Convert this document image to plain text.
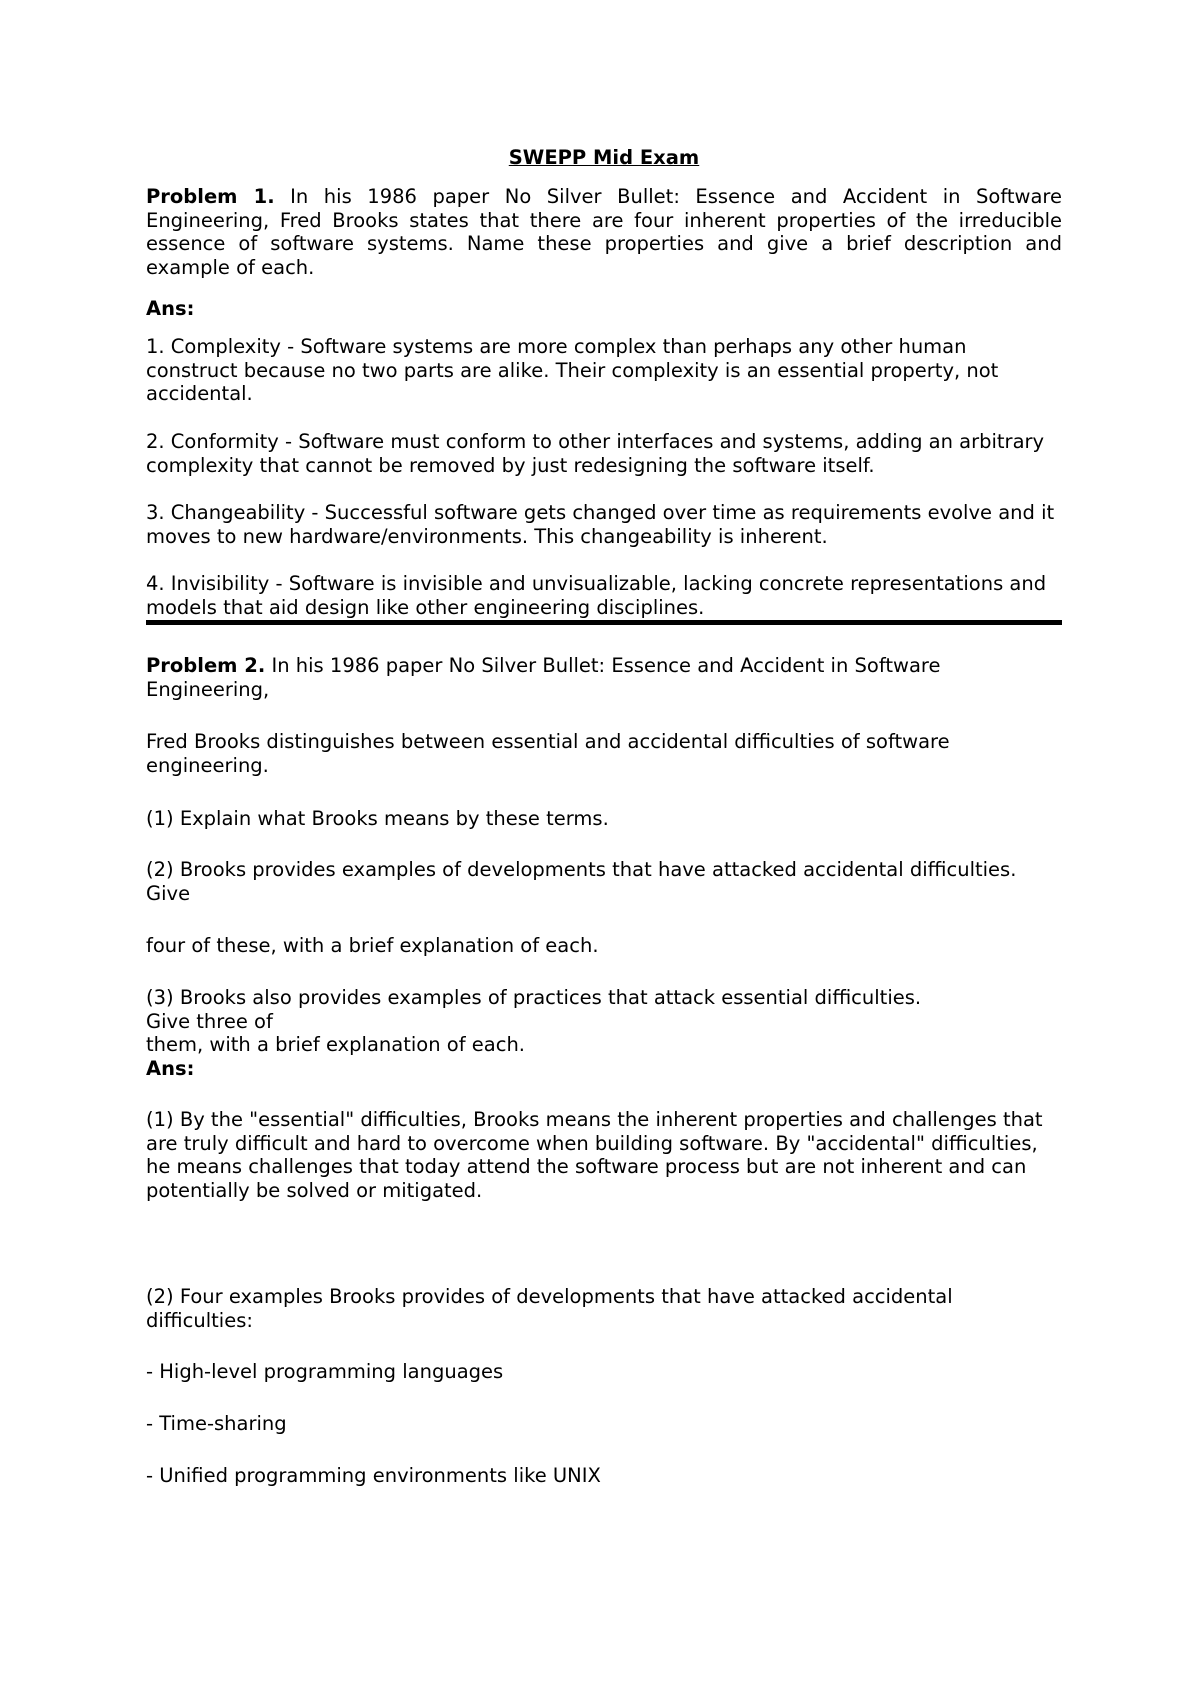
SWEPP Mid Exam

Problem 1. In his 1986 paper No Silver Bullet: Essence and Accident in Software Engineering, Fred Brooks states that there are four inherent properties of the irreducible essence of software systems. Name these properties and give a brief description and example of each.

Ans:

1. Complexity - Software systems are more complex than perhaps any other human construct because no two parts are alike. Their complexity is an essential property, not accidental.

2. Conformity - Software must conform to other interfaces and systems, adding an arbitrary complexity that cannot be removed by just redesigning the software itself.

3. Changeability - Successful software gets changed over time as requirements evolve and it moves to new hardware/environments. This changeability is inherent.

4. Invisibility - Software is invisible and unvisualizable, lacking concrete representations and models that aid design like other engineering disciplines.

Problem 2. In his 1986 paper No Silver Bullet: Essence and Accident in Software Engineering,

Fred Brooks distinguishes between essential and accidental difficulties of software engineering.

(1) Explain what Brooks means by these terms.

(2) Brooks provides examples of developments that have attacked accidental difficulties. Give

four of these, with a brief explanation of each.

(3) Brooks also provides examples of practices that attack essential difficulties. Give three of

them, with a brief explanation of each.

Ans:

(1) By the "essential" difficulties, Brooks means the inherent properties and challenges that are truly difficult and hard to overcome when building software. By "accidental" difficulties, he means challenges that today attend the software process but are not inherent and can potentially be solved or mitigated.

(2) Four examples Brooks provides of developments that have attacked accidental difficulties:

- High-level programming languages

- Time-sharing

- Unified programming environments like UNIX
